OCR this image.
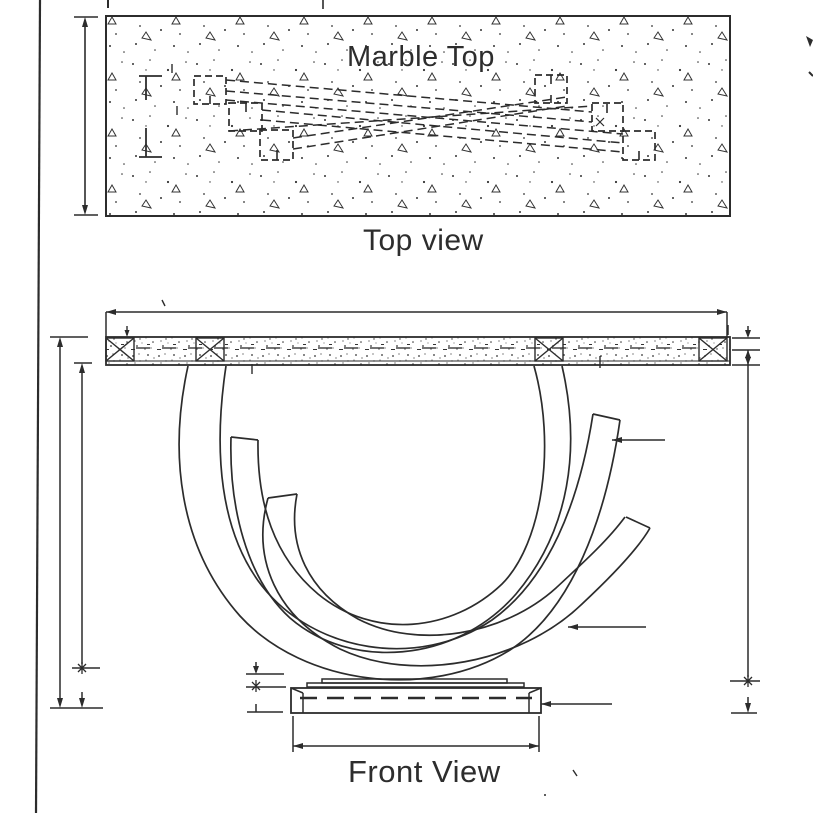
Marble Top
Top view
Front View
